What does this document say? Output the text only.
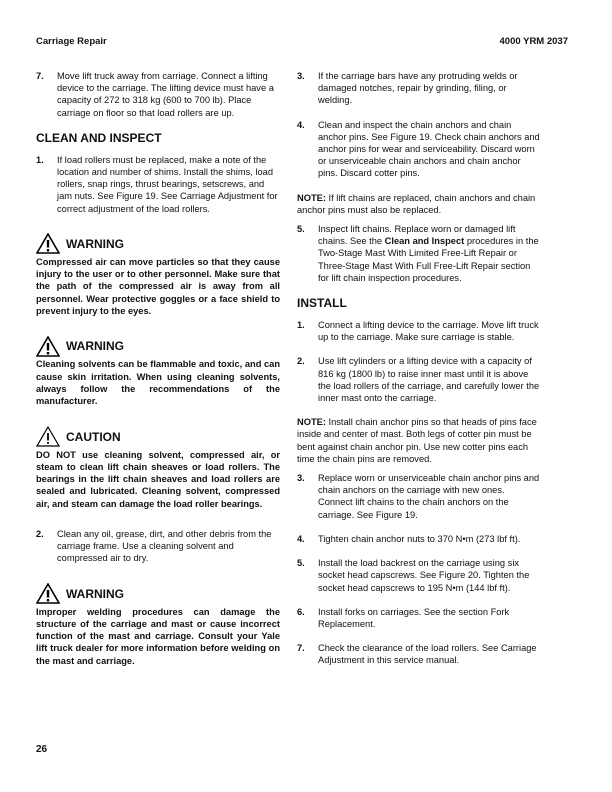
Carriage Repair	4000 YRM 2037
7. Move lift truck away from carriage. Connect a lifting device to the carriage. The lifting device must have a capacity of 272 to 318 kg (600 to 700 lb). Place carriage on floor so that load rollers are up.
CLEAN AND INSPECT
1. If load rollers must be replaced, make a note of the location and number of shims. Install the shims, load rollers, snap rings, thrust bearings, setscrews, and jam nuts. See Figure 19. See Carriage Adjustment for correct adjustment of the load rollers.
WARNING
Compressed air can move particles so that they cause injury to the user or to other personnel. Make sure that the path of the compressed air is away from all personnel. Wear protective goggles or a face shield to prevent injury to the eyes.
WARNING
Cleaning solvents can be flammable and toxic, and can cause skin irritation. When using cleaning solvents, always follow the recommendations of the manufacturer.
CAUTION
DO NOT use cleaning solvent, compressed air, or steam to clean lift chain sheaves or load rollers. The bearings in the lift chain sheaves and load rollers are sealed and lubricated. Cleaning solvent, compressed air, and steam can damage the load roller bearings.
2. Clean any oil, grease, dirt, and other debris from the carriage frame. Use a cleaning solvent and compressed air to dry.
WARNING
Improper welding procedures can damage the structure of the carriage and mast or cause incorrect function of the mast and carriage. Consult your Yale lift truck dealer for more information before welding on the mast and carriage.
3. If the carriage bars have any protruding welds or damaged notches, repair by grinding, filing, or welding.
4. Clean and inspect the chain anchors and chain anchor pins. See Figure 19. Check chain anchors and anchor pins for wear and serviceability. Discard worn or unserviceable chain anchors and chain anchor pins. Discard cotter pins.
NOTE: If lift chains are replaced, chain anchors and chain anchor pins must also be replaced.
5. Inspect lift chains. Replace worn or damaged lift chains. See the Clean and Inspect procedures in the Two-Stage Mast With Limited Free-Lift Repair or Three-Stage Mast With Full Free-Lift Repair section for lift chain inspection procedures.
INSTALL
1. Connect a lifting device to the carriage. Move lift truck up to the carriage. Make sure carriage is stable.
2. Use lift cylinders or a lifting device with a capacity of 816 kg (1800 lb) to raise inner mast until it is above the load rollers of the carriage, and carefully lower the inner mast onto the carriage.
NOTE: Install chain anchor pins so that heads of pins face inside and center of mast. Both legs of cotter pin must be bent against chain anchor pin. Use new cotter pins each time the chain pins are removed.
3. Replace worn or unserviceable chain anchor pins and chain anchors on the carriage with new ones. Connect lift chains to the chain anchors on the carriage. See Figure 19.
4. Tighten chain anchor nuts to 370 N•m (273 lbf ft).
5. Install the load backrest on the carriage using six socket head capscrews. See Figure 20. Tighten the socket head capscrews to 195 N•m (144 lbf ft).
6. Install forks on carriages. See the section Fork Replacement.
7. Check the clearance of the load rollers. See Carriage Adjustment in this service manual.
26
